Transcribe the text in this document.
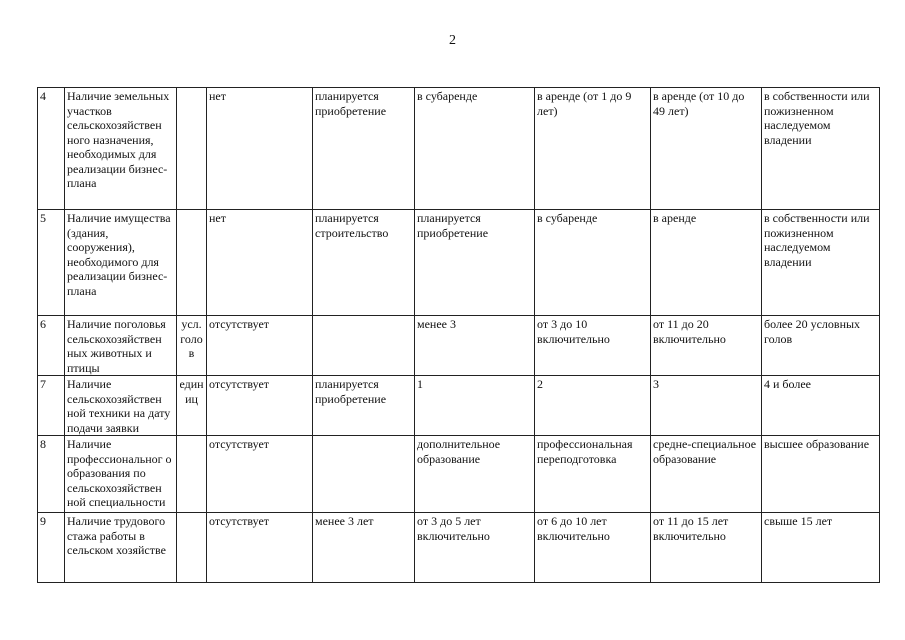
2
4	Наличие земельных участков сельскохозяйствен ного назначения, необходимых для реализации бизнес-плана		нет	планируется приобретение	в субаренде	в аренде (от 1 до 9 лет)	в аренде (от 10 до 49 лет)	в собственности или пожизненном наследуемом владении
5	Наличие имущества (здания, сооружения), необходимого для реализации бизнес-плана		нет	планируется строительство	планируется приобретение	в субаренде	в аренде	в собственности или пожизненном наследуемом владении
6	Наличие поголовья сельскохозяйствен ных животных и птицы	усл. голо в	отсутствует		менее 3	от 3 до 10 включительно	от 11 до 20 включительно	более 20 условных голов
7	Наличие сельскохозяйствен ной техники на дату подачи заявки	един иц	отсутствует	планируется приобретение	1	2	3	4 и более
8	Наличие профессиональног о образования по сельскохозяйствен ной специальности		отсутствует		дополнительное образование	профессиональная переподготовка	средне-специальное образование	высшее образование
9	Наличие трудового стажа работы в сельском хозяйстве		отсутствует	менее 3 лет	от 3 до 5 лет включительно	от 6 до 10 лет включительно	от 11 до 15 лет включительно	свыше 15 лет
